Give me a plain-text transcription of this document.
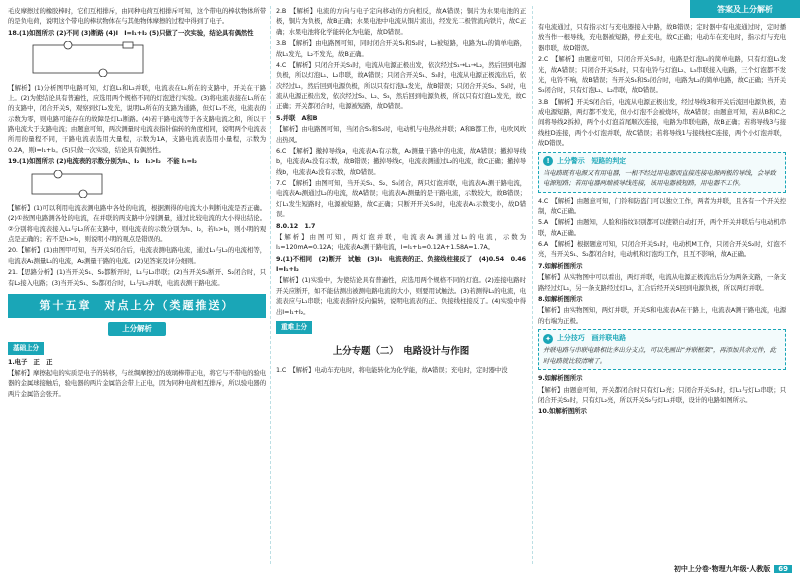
答案及上分解析

毛皮摩擦过的橡胶棒时，它们互相排斥，由同种电荷互相排斥可知，这个带电的棒状物体所带的是负电荷，说明这个带电的棒状物体在与其他物体摩擦的过程中得到了电子。

18.(1)如图所示 (2)不同 (3)断路 (4)I　I=I₁+I₂ (5)只做了一次实验，结论具有偶然性

【解析】(1)分析图甲电路可知，灯泡L₁和L₂并联，电流表在L₁所在的支路中，开关在干路上。(2)为使结论具有普遍性，应选用两个规格不同的灯泡进行实验。(3)将电流表接在L₁所在的支路中，闭合开关S，观察到灯L₂发光，说明L₂所在的支路为通路，但灯L₁不亮，电流表的示数为零，则电路可能存在的故障是灯L₁断路。(4)若干路电流等于各支路电流之和，所以干路电流大于支路电流；由题意可知，两次测量时电流表指针偏转的角度相同，说明两个电流表所用的量程不同，干路电流表选用大量程，示数为1A，支路电流表选用小量程，示数为0.2A，则I=I₁+I₂。(5)只做一次实验，结论具有偶然性。

19.(1)如图所示 (2)电流表的示数分别为I₁、I₂　I₁>I₂　不能 I₁=I₂

【解析】(1)可以利用电流表测电路中各处的电流，根据测得的电流大小判断电流是否正确。(2)①按图电路测各处的电流，在并联的两支路中分别测量，通过比较电流的大小得出结论。②分别将电流表接入L₁与L₂所在支路中，则电流表的示数分别为I₁、I₂，若I₁>I₂，则小明的观点是正确的；若不是I₁>I₂，则说明小明的观点是错误的。

20.【解析】(1)由图甲可知，当开关S闭合后，电流表测电路电流，通过L₁与L₂的电流相等，电流表A₁测量L₁的电流，A₂测量干路的电流。(2)见答案及评分细则。

21.【思路分析】(1)当开关S₁、S₂都断开时，L₁与L₂串联；(2)当开关S₁断开、S₂闭合时，只有L₂接入电路；(3)当开关S₁、S₂都闭合时，L₁与L₃并联，电流表测干路电流。

第十五章　对点上分（类题推送）
上分解析
基础上分

1.电子　正　正

【解析】摩擦起电的实质是电子的转移，与丝绸摩擦过的玻璃棒带正电，将它与不带电的验电器的金属球接触后，验电器的两片金属箔会带上正电，因为同种电荷相互排斥，所以验电器的两片金属箔会张开。

2.B　【解析】电流的方向与电子定向移动的方向相反，故A错误；铜片为水果电池的正极，铜片为负极，故B正确；水果电池中电流从铜片流出，经发光二极管流向铁片，故C正确；水果电池将化学能转化为电能，故D错误。

3.B　【解析】由电路图可知，同时闭合开关S₁和S₂时，L₂被短路，电路为L₁的简单电路，故L₁发光，L₂不发光，故B正确。

4.C　【解析】只闭合开关S₁时，电流从电源正极出发，依次经过S₁→L₁→L₂，然后回到电源负极，所以灯泡L₁、L₂串联，故A错误；只闭合开关S₁、S₃时，电流从电源正极流出后，依次经过L₁，然后回到电源负极，所以只有灯泡L₁发光，故B错误；只闭合开关S₂、S₃时，电流从电源正极出发，依次经过S₂、L₂、S₃，然后回到电源负极，所以只有灯泡L₂发光，故C正确；开关都闭合时，电源被短路，故D错误。

5.并联　A和B

【解析】由电路图可知，当闭合S₁和S₂时，电动机与电热丝并联；A和B都工作，电吹风吹出热风。

6.C　【解析】撤掉导线a，电流表A₁有示数，A₂测量干路中的电流，故A错误；撤掉导线b，电流表A₁没有示数，故B错误；撤掉导线c，电流表测通过L₂的电流，故C正确；撤掉导线b，电流表A₂没有示数，故D错误。

7.C　【解析】由图可知，当开关S₁、S₂、S₃闭合，两只灯泡并联，电流表A₁测干路电流，电流表A₂测通过L₂的电流，故A错误；电流表A₁测量的是干路电流，示数较大，故B错误；灯L₁发生短路时，电源被短路，故C正确；只断开开关S₂时，电流表A₁示数变小，故D错误。

8.0.12　1.7

【解析】由图可知，两灯泡并联，电流表A₁测通过L₁的电流，示数为I₁=120mA=0.12A；电流表A₂测干路电流，I=I₁+I₂=0.12A+1.58A=1.7A。

9.(1)不相同　(2)断开　试触　(3)I₁　电流表的正、负接线柱接反了　(4)0.54　0.46　I=I₁+I₂

【解析】(1)实验中，为使结论具有普遍性，应选用两个规格不同的灯泡。(2)连接电路时开关应断开，如不能估测出被测电路电流的大小，则要用试触法。(3)若测得L₁的电流，电流表应与L₁串联；电流表指针反向偏转，说明电流表的正、负接线柱接反了。(4)实验中得出I=I₁+I₂。

重难上分
上分专题（二）　电路设计与作图

1.C　【解析】电动车充电时，将电能转化为化学能，故A错误；充电时，定时器中没

有电流通过，只有指示灯与充电器接入中路，故B错误；定时器中有电流通过时，定时播放当作一根导线，充电器被短路，停止充电，故C正确；电动车在充电时，指示灯与充电器串联，故D错误。

2.C　【解析】由题意可知，只闭合开关S₁时，电路是灯泡L₁的简单电路，只有灯泡L₁发光，故A错误；只闭合开关S₂时，只有电铃与灯泡L₂、L₃串联接入电路，三个灯泡都不发光，电铃不响，故B错误；当开关S₁和S₂闭合时，电路为L₂的简单电路，故C正确；当开关S₃闭合时，只有灯泡L₁、L₂串联，故D错误。

3.B　【解析】开关S闭合后，电流从电源正极出发，经过导线3和开关后流回电源负极，造成电源短路，两灯都不发光，但小灯泡不会被烧坏，故A错误；由题意可知，若从B和C之间将导线2拆掉，两个小灯泡首尾顺次连接，电路为串联电路，故B正确；若将导线3与接线柱D连接，两个小灯泡并联，故C错误；若将导线1与接线柱C连接，两个小灯泡并联，故D错误。

!	上分警示　短路的判定
当电路既有电源又有用电器，一根不经过用电器而直接连接电源两极的导线，会导致电源短路；若用电器两端被导线连接，该用电器被短路，用电器不工作。

4.C　【解析】由题意可知，门铃和防盗门可以独立工作，两者为并联，且各有一个开关控制，故C正确。

5.A　【解析】由题知，人脸和指纹识别都可以使锁自动打开，两个开关并联后与电动机串联，故A正确。

6.A　【解析】根据题意可知，只闭合开关S₁时，电动机M工作，只闭合开关S₂时，灯泡不亮，当开关S₁、S₂都闭合时，电动机和灯泡均工作，且互不影响，故A正确。

7.如解析图所示

【解析】从实物图中可以看出，两灯并联，电流从电源正极流出后分为两条支路，一条支路经过灯L₁，另一条支路经过灯L₂，汇合后经开关S回到电源负极，所以两灯并联。

8.如解析图所示

【解析】由实物图知，两灯并联，开关S和电流表A在干路上，电流表A测干路电流，电源的右端为正极。

✦ 上分技巧　画并联电路
并联电路与串联电路相比多出分支点，可以先画出“并联框架”，再添加其余元件，此时电路就比较清晰了。

9.如解析图所示

【解析】由题意可知，开关都闭合时只有灯L₂亮；只闭合开关S₁时，灯L₁与灯L₂串联；只闭合开关S₂时，只有灯L₂亮，所以开关S₂与灯L₁并联，设计的电路如图所示。

10.如解析图所示

初中上分卷·物理九年级·人教版	69
